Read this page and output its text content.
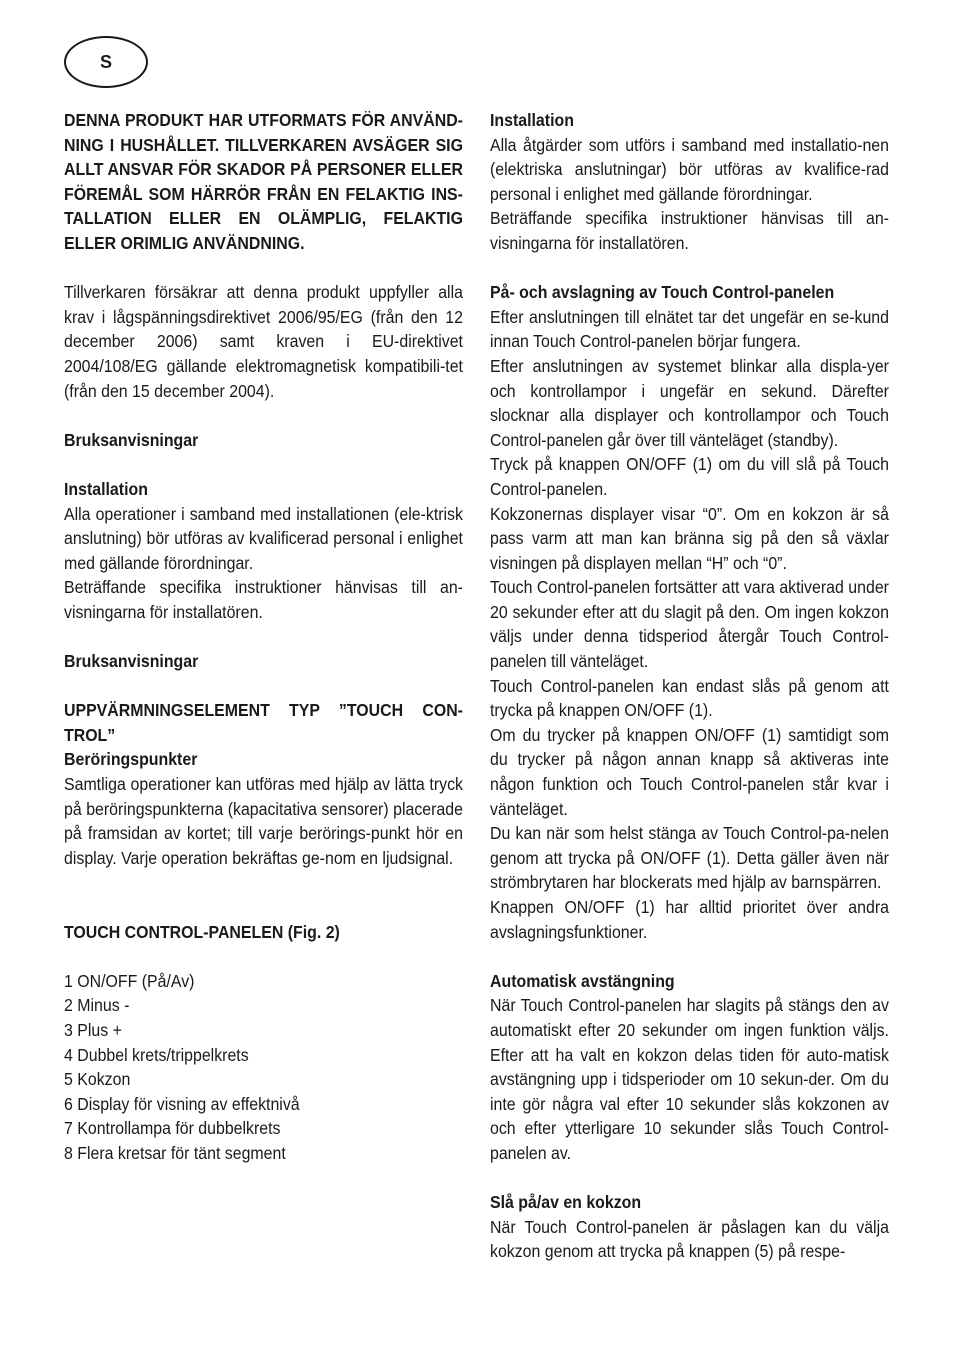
S

DENNA PRODUKT HAR UTFORMATS FÖR ANVÄND-NING I HUSHÅLLET. TILLVERKAREN AVSÄGER SIG ALLT ANSVAR FÖR SKADOR PÅ PERSONER ELLER FÖREMÅL SOM HÄRRÖR FRÅN EN FELAKTIG INS-TALLATION ELLER EN OLÄMPLIG, FELAKTIG ELLER ORIMLIG ANVÄNDNING.

Tillverkaren försäkrar att denna produkt uppfyller alla krav i lågspänningsdirektivet 2006/95/EG (från den 12 december 2006) samt kraven i EU-direktivet 2004/108/EG gällande elektromagnetisk kompatibili-tet (från den 15 december 2004).

Bruksanvisningar

Installation

Alla operationer i samband med installationen (ele-ktrisk anslutning) bör utföras av kvalificerad personal i enlighet med gällande förordningar.

Beträffande specifika instruktioner hänvisas till an-visningarna för installatören.

Bruksanvisningar

UPPVÄRMNINGSELEMENT TYP ”TOUCH CON-TROL”

Beröringspunkter

Samtliga operationer kan utföras med hjälp av lätta tryck på beröringspunkterna (kapacitativa sensorer) placerade på framsidan av kortet; till varje berörings-punkt hör en display. Varje operation bekräftas ge-nom en ljudsignal.

TOUCH CONTROL-PANELEN (Fig. 2)

1 ON/OFF (På/Av)
2 Minus -
3 Plus +
4 Dubbel krets/trippelkrets
5 Kokzon
6 Display för visning av effektnivå
7 Kontrollampa för dubbelkrets
8 Flera kretsar för tänt segment

Installation

Alla åtgärder som utförs i samband med installatio-nen (elektriska anslutningar) bör utföras av kvalifice-rad personal i enlighet med gällande förordningar.

Beträffande specifika instruktioner hänvisas till an-visningarna för installatören.

På- och avslagning av Touch Control-panelen

Efter anslutningen till elnätet tar det ungefär en se-kund innan Touch Control-panelen börjar fungera.

Efter anslutningen av systemet blinkar alla displa-yer och kontrollampor i ungefär en sekund. Därefter slocknar alla displayer och kontrollampor och Touch Control-panelen går över till vänteläget (standby).

Tryck på knappen ON/OFF (1) om du vill slå på Touch Control-panelen.

Kokzonernas displayer visar “0”. Om en kokzon är så pass varm att man kan bränna sig på den så växlar visningen på displayen mellan “H” och “0”.

Touch Control-panelen fortsätter att vara aktiverad under 20 sekunder efter att du slagit på den. Om ingen kokzon väljs under denna tidsperiod återgår Touch Control-panelen till vänteläget.

Touch Control-panelen kan endast slås på genom att trycka på knappen ON/OFF (1).

Om du trycker på knappen ON/OFF (1) samtidigt som du trycker på någon annan knapp så aktiveras inte någon funktion och Touch Control-panelen står kvar i vänteläget.

Du kan när som helst stänga av Touch Control-pa-nelen genom att trycka på ON/OFF (1). Detta gäller även när strömbrytaren har blockerats med hjälp av barnspärren.

Knappen ON/OFF (1) har alltid prioritet över andra avslagningsfunktioner.

Automatisk avstängning

När Touch Control-panelen har slagits på stängs den av automatiskt efter 20 sekunder om ingen funktion väljs. Efter att ha valt en kokzon delas tiden för auto-matisk avstängning upp i tidsperioder om 10 sekun-der. Om du inte gör några val efter 10 sekunder slås kokzonen av och efter ytterligare 10 sekunder slås Touch Control-panelen av.

Slå på/av en kokzon

När Touch Control-panelen är påslagen kan du välja kokzon genom att trycka på knappen (5) på respe-
